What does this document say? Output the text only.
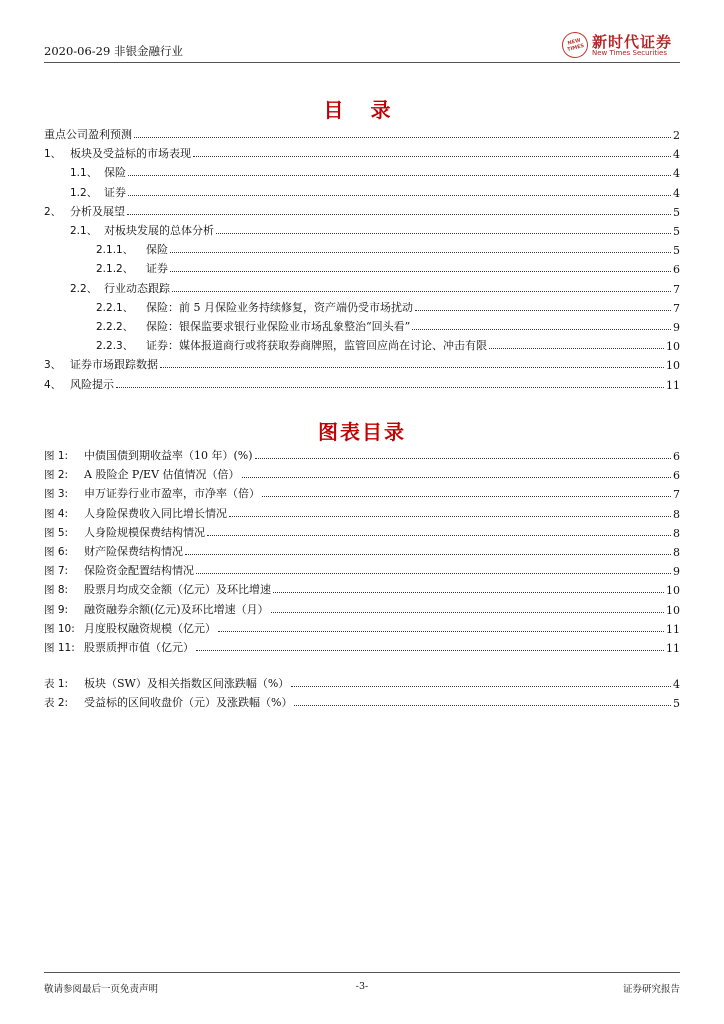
2020-06-29 非银金融行业
NEW TIMES 新时代证券
New Times Securities
目 录
重点公司盈利预测	2
1、 板块及受益标的市场表现	4
1.1、 保险	4
1.2、 证券	4
2、 分析及展望	5
2.1、 对板块发展的总体分析	5
2.1.1、 保险	5
2.1.2、 证券	6
2.2、 行业动态跟踪	7
2.2.1、 保险：前 5 月保险业务持续修复，资产端仍受市场扰动	7
2.2.2、 保险：银保监要求银行业保险业市场乱象整治“回头看”	9
2.2.3、 证券：媒体报道商行或将获取券商牌照，监管回应尚在讨论、冲击有限	10
3、 证券市场跟踪数据	10
4、 风险提示	11
图表目录
图 1: 中债国债到期收益率（10 年）(%)	6
图 2: A 股险企 P/EV 估值情况（倍）	6
图 3: 申万证券行业市盈率，市净率（倍）	7
图 4: 人身险保费收入同比增长情况	8
图 5: 人身险规模保费结构情况	8
图 6: 财产险保费结构情况	8
图 7: 保险资金配置结构情况	9
图 8: 股票月均成交金额（亿元）及环比增速	10
图 9: 融资融券余额(亿元)及环比增速（月）	10
图 10: 月度股权融资规模（亿元）	11
图 11: 股票质押市值（亿元）	11
表 1: 板块（SW）及相关指数区间涨跌幅（%）	4
表 2: 受益标的区间收盘价（元）及涨跌幅（%）	5
敬请参阅最后一页免责声明	-3-	证券研究报告
